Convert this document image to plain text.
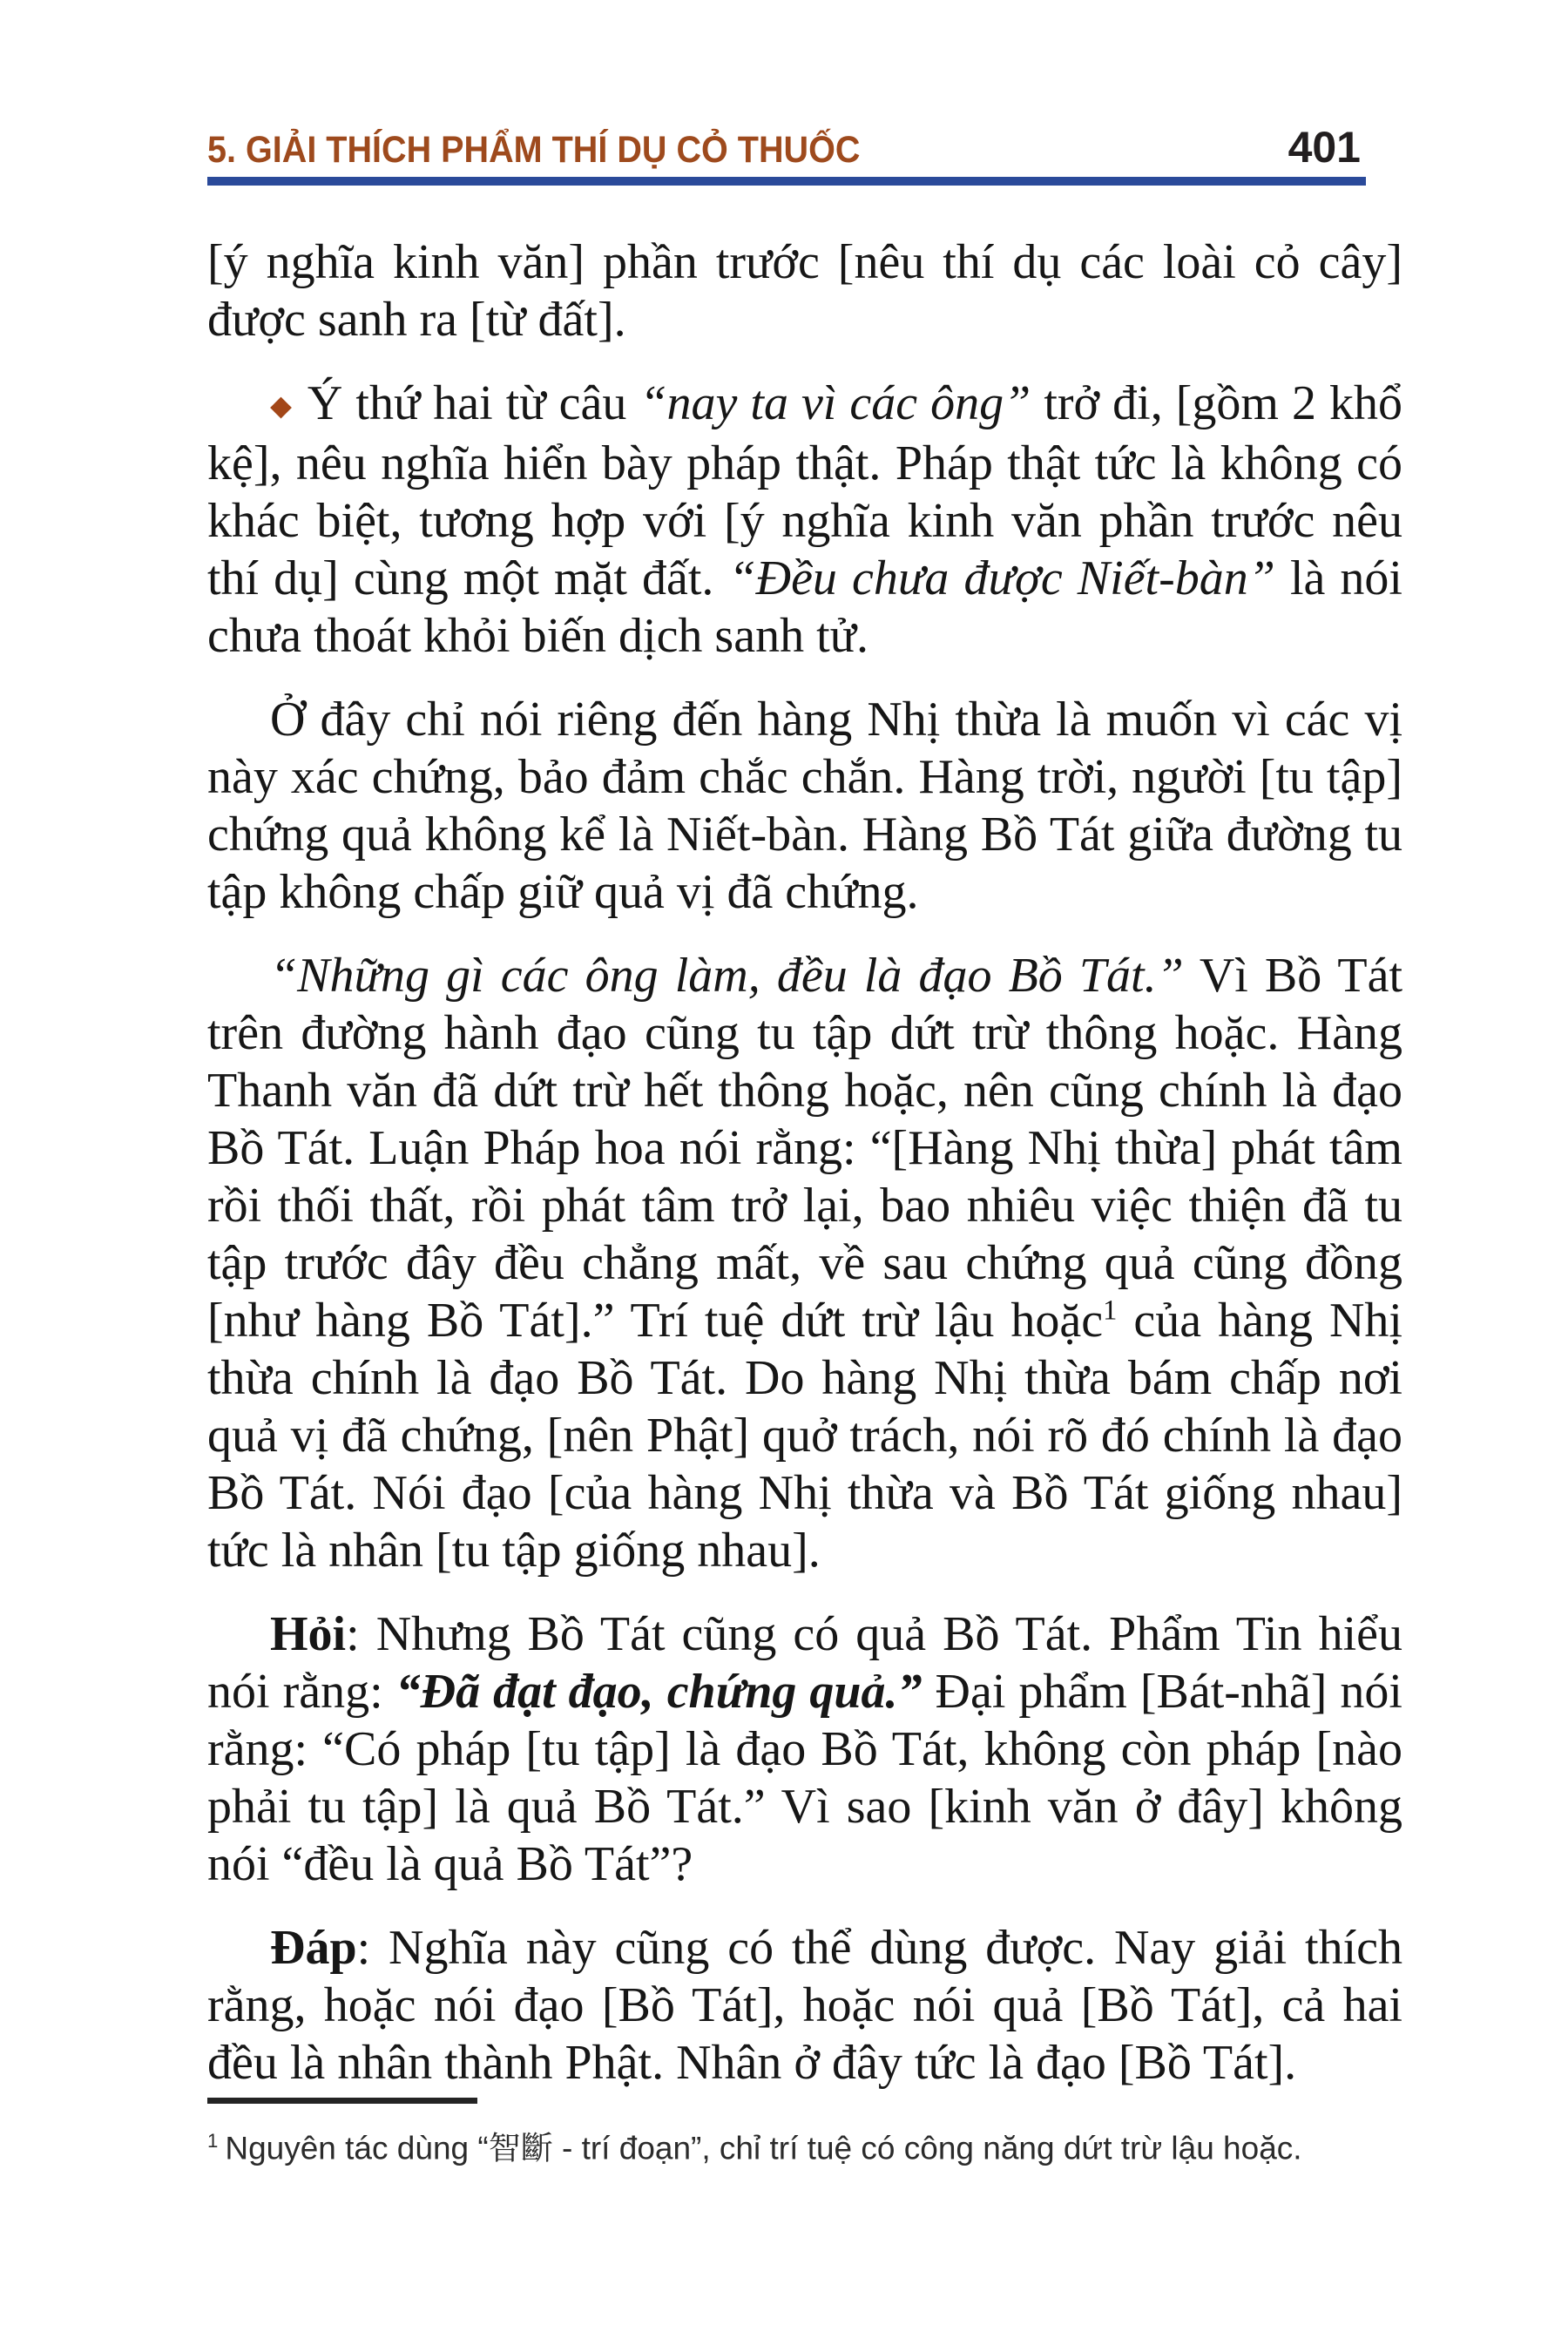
5. GIẢI THÍCH PHẨM THÍ DỤ CỎ THUỐC	401

[ý nghĩa kinh văn] phần trước [nêu thí dụ các loài cỏ cây] được sanh ra [từ đất].

◆ Ý thứ hai từ câu “nay ta vì các ông” trở đi, [gồm 2 khổ kệ], nêu nghĩa hiển bày pháp thật. Pháp thật tức là không có khác biệt, tương hợp với [ý nghĩa kinh văn phần trước nêu thí dụ] cùng một mặt đất. “Đều chưa được Niết-bàn” là nói chưa thoát khỏi biến dịch sanh tử.

Ở đây chỉ nói riêng đến hàng Nhị thừa là muốn vì các vị này xác chứng, bảo đảm chắc chắn. Hàng trời, người [tu tập] chứng quả không kể là Niết-bàn. Hàng Bồ Tát giữa đường tu tập không chấp giữ quả vị đã chứng.

“Những gì các ông làm, đều là đạo Bồ Tát.” Vì Bồ Tát trên đường hành đạo cũng tu tập dứt trừ thông hoặc. Hàng Thanh văn đã dứt trừ hết thông hoặc, nên cũng chính là đạo Bồ Tát. Luận Pháp hoa nói rằng: “[Hàng Nhị thừa] phát tâm rồi thối thất, rồi phát tâm trở lại, bao nhiêu việc thiện đã tu tập trước đây đều chẳng mất, về sau chứng quả cũng đồng [như hàng Bồ Tát].” Trí tuệ dứt trừ lậu hoặc$^1$ của hàng Nhị thừa chính là đạo Bồ Tát. Do hàng Nhị thừa bám chấp nơi quả vị đã chứng, [nên Phật] quở trách, nói rõ đó chính là đạo Bồ Tát. Nói đạo [của hàng Nhị thừa và Bồ Tát giống nhau] tức là nhân [tu tập giống nhau].

Hỏi: Nhưng Bồ Tát cũng có quả Bồ Tát. Phẩm Tin hiểu nói rằng: “Đã đạt đạo, chứng quả.” Đại phẩm [Bát-nhã] nói rằng: “Có pháp [tu tập] là đạo Bồ Tát, không còn pháp [nào phải tu tập] là quả Bồ Tát.” Vì sao [kinh văn ở đây] không nói “đều là quả Bồ Tát”?

Đáp: Nghĩa này cũng có thể dùng được. Nay giải thích rằng, hoặc nói đạo [Bồ Tát], hoặc nói quả [Bồ Tát], cả hai đều là nhân thành Phật. Nhân ở đây tức là đạo [Bồ Tát].

$^1$ Nguyên tác dùng “智斷 - trí đoạn”, chỉ trí tuệ có công năng dứt trừ lậu hoặc.
